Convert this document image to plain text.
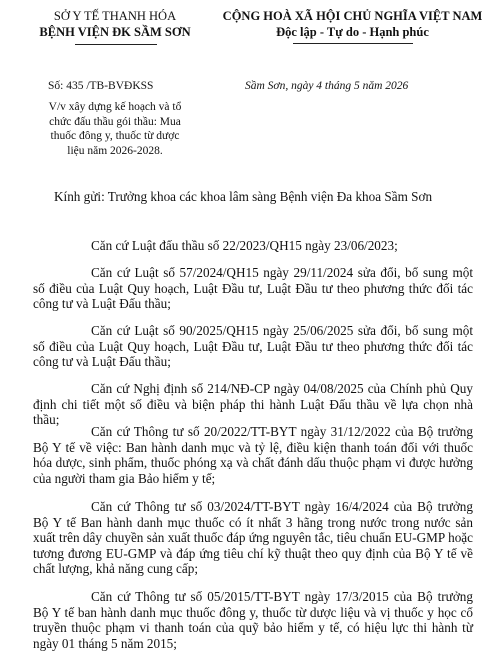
SỞ Y TẾ THANH HÓA
BỆNH VIỆN ĐK SẦM SƠN
Số: 435 /TB-BVĐKSS
V/v xây dựng kế hoạch và tổ
chức đấu thầu gói thầu: Mua
thuốc đông y, thuốc từ dược
liệu năm 2026-2028.
CỘNG HOÀ XÃ HỘI CHỦ NGHĨA VIỆT NAM
Độc lập - Tự do - Hạnh phúc
Sầm Sơn, ngày 4 tháng 5 năm 2026
Kính gửi: Trưởng khoa các khoa lâm sàng Bệnh viện Đa khoa Sầm Sơn
Căn cứ Luật đấu thầu số 22/2023/QH15 ngày 23/06/2023;
Căn cứ Luật số 57/2024/QH15 ngày 29/11/2024 sửa đổi, bổ sung một số điều của Luật Quy hoạch, Luật Đầu tư, Luật Đầu tư theo phương thức đối tác công tư và Luật Đấu thầu;
Căn cứ Luật số 90/2025/QH15 ngày 25/06/2025 sửa đổi, bổ sung một số điều của Luật Quy hoạch, Luật Đầu tư, Luật Đầu tư theo phương thức đối tác công tư và Luật Đấu thầu;
Căn cứ Nghị định số 214/NĐ-CP ngày 04/08/2025 của Chính phủ Quy định chi tiết một số điều và biện pháp thi hành Luật Đấu thầu về lựa chọn nhà thầu;
Căn cứ Thông tư số 20/2022/TT-BYT ngày 31/12/2022 của Bộ trưởng Bộ Y tế về việc: Ban hành danh mục và tỷ lệ, điều kiện thanh toán đối với thuốc hóa dược, sinh phẩm, thuốc phóng xạ và chất đánh dấu thuộc phạm vi được hưởng của người tham gia Bảo hiểm y tế;
Căn cứ Thông tư số 03/2024/TT-BYT ngày 16/4/2024 của Bộ trưởng Bộ Y tế Ban hành danh mục thuốc có ít nhất 3 hãng trong nước trong nước sản xuất trên dây chuyền sản xuất thuốc đáp ứng nguyên tắc, tiêu chuẩn EU-GMP hoặc tương đương EU-GMP và đáp ứng tiêu chí kỹ thuật theo quy định của Bộ Y tế về chất lượng, khả năng cung cấp;
Căn cứ Thông tư số 05/2015/TT-BYT ngày 17/3/2015 của Bộ trưởng Bộ Y tế ban hành danh mục thuốc đông y, thuốc từ dược liệu và vị thuốc y học cổ truyền thuộc phạm vi thanh toán của quỹ bảo hiểm y tế, có hiệu lực thi hành từ ngày 01 tháng 5 năm 2015;
